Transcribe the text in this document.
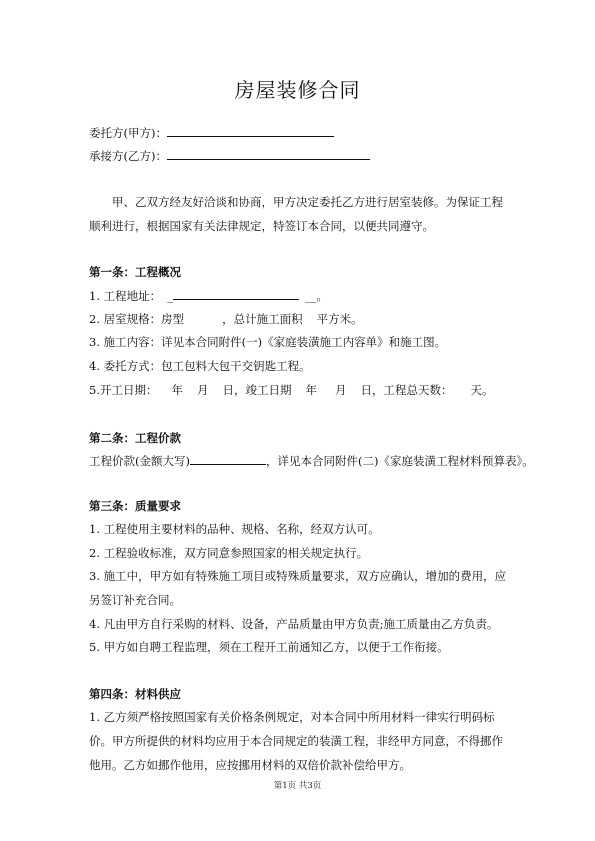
房屋装修合同
委托方(甲方)：
承接方(乙方)：
甲、乙双方经友好洽谈和协商，甲方决定委托乙方进行居室装修。为保证工程顺利进行，根据国家有关法律规定，特签订本合同，以便共同遵守。
第一条：工程概况
1. 工程地址： _	__。
2. 居室规格：房型	，总计施工面积 平方米。
3. 施工内容：详见本合同附件(一)《家庭装潢施工内容单》和施工图。
4. 委托方式：包工包料大包干交钥匙工程。
5.开工日期： 年 月 日，竣工日期 年 月 日，工程总天数： 天。
第二条：工程价款
工程价款(金额大写)	，详见本合同附件(二)《家庭装潢工程材料预算表》。
第三条：质量要求
1. 工程使用主要材料的品种、规格、名称，经双方认可。
2. 工程验收标准，双方同意参照国家的相关规定执行。
3. 施工中，甲方如有特殊施工项目或特殊质量要求，双方应确认，增加的费用，应另签订补充合同。
4. 凡由甲方自行采购的材料、设备，产品质量由甲方负责;施工质量由乙方负责。
5. 甲方如自聘工程监理，须在工程开工前通知乙方，以便于工作衔接。
第四条：材料供应
1. 乙方须严格按照国家有关价格条例规定，对本合同中所用材料一律实行明码标价。甲方所提供的材料均应用于本合同规定的装潢工程，非经甲方同意，不得挪作他用。乙方如挪作他用，应按挪用材料的双倍价款补偿给甲方。
第1页 共3页
